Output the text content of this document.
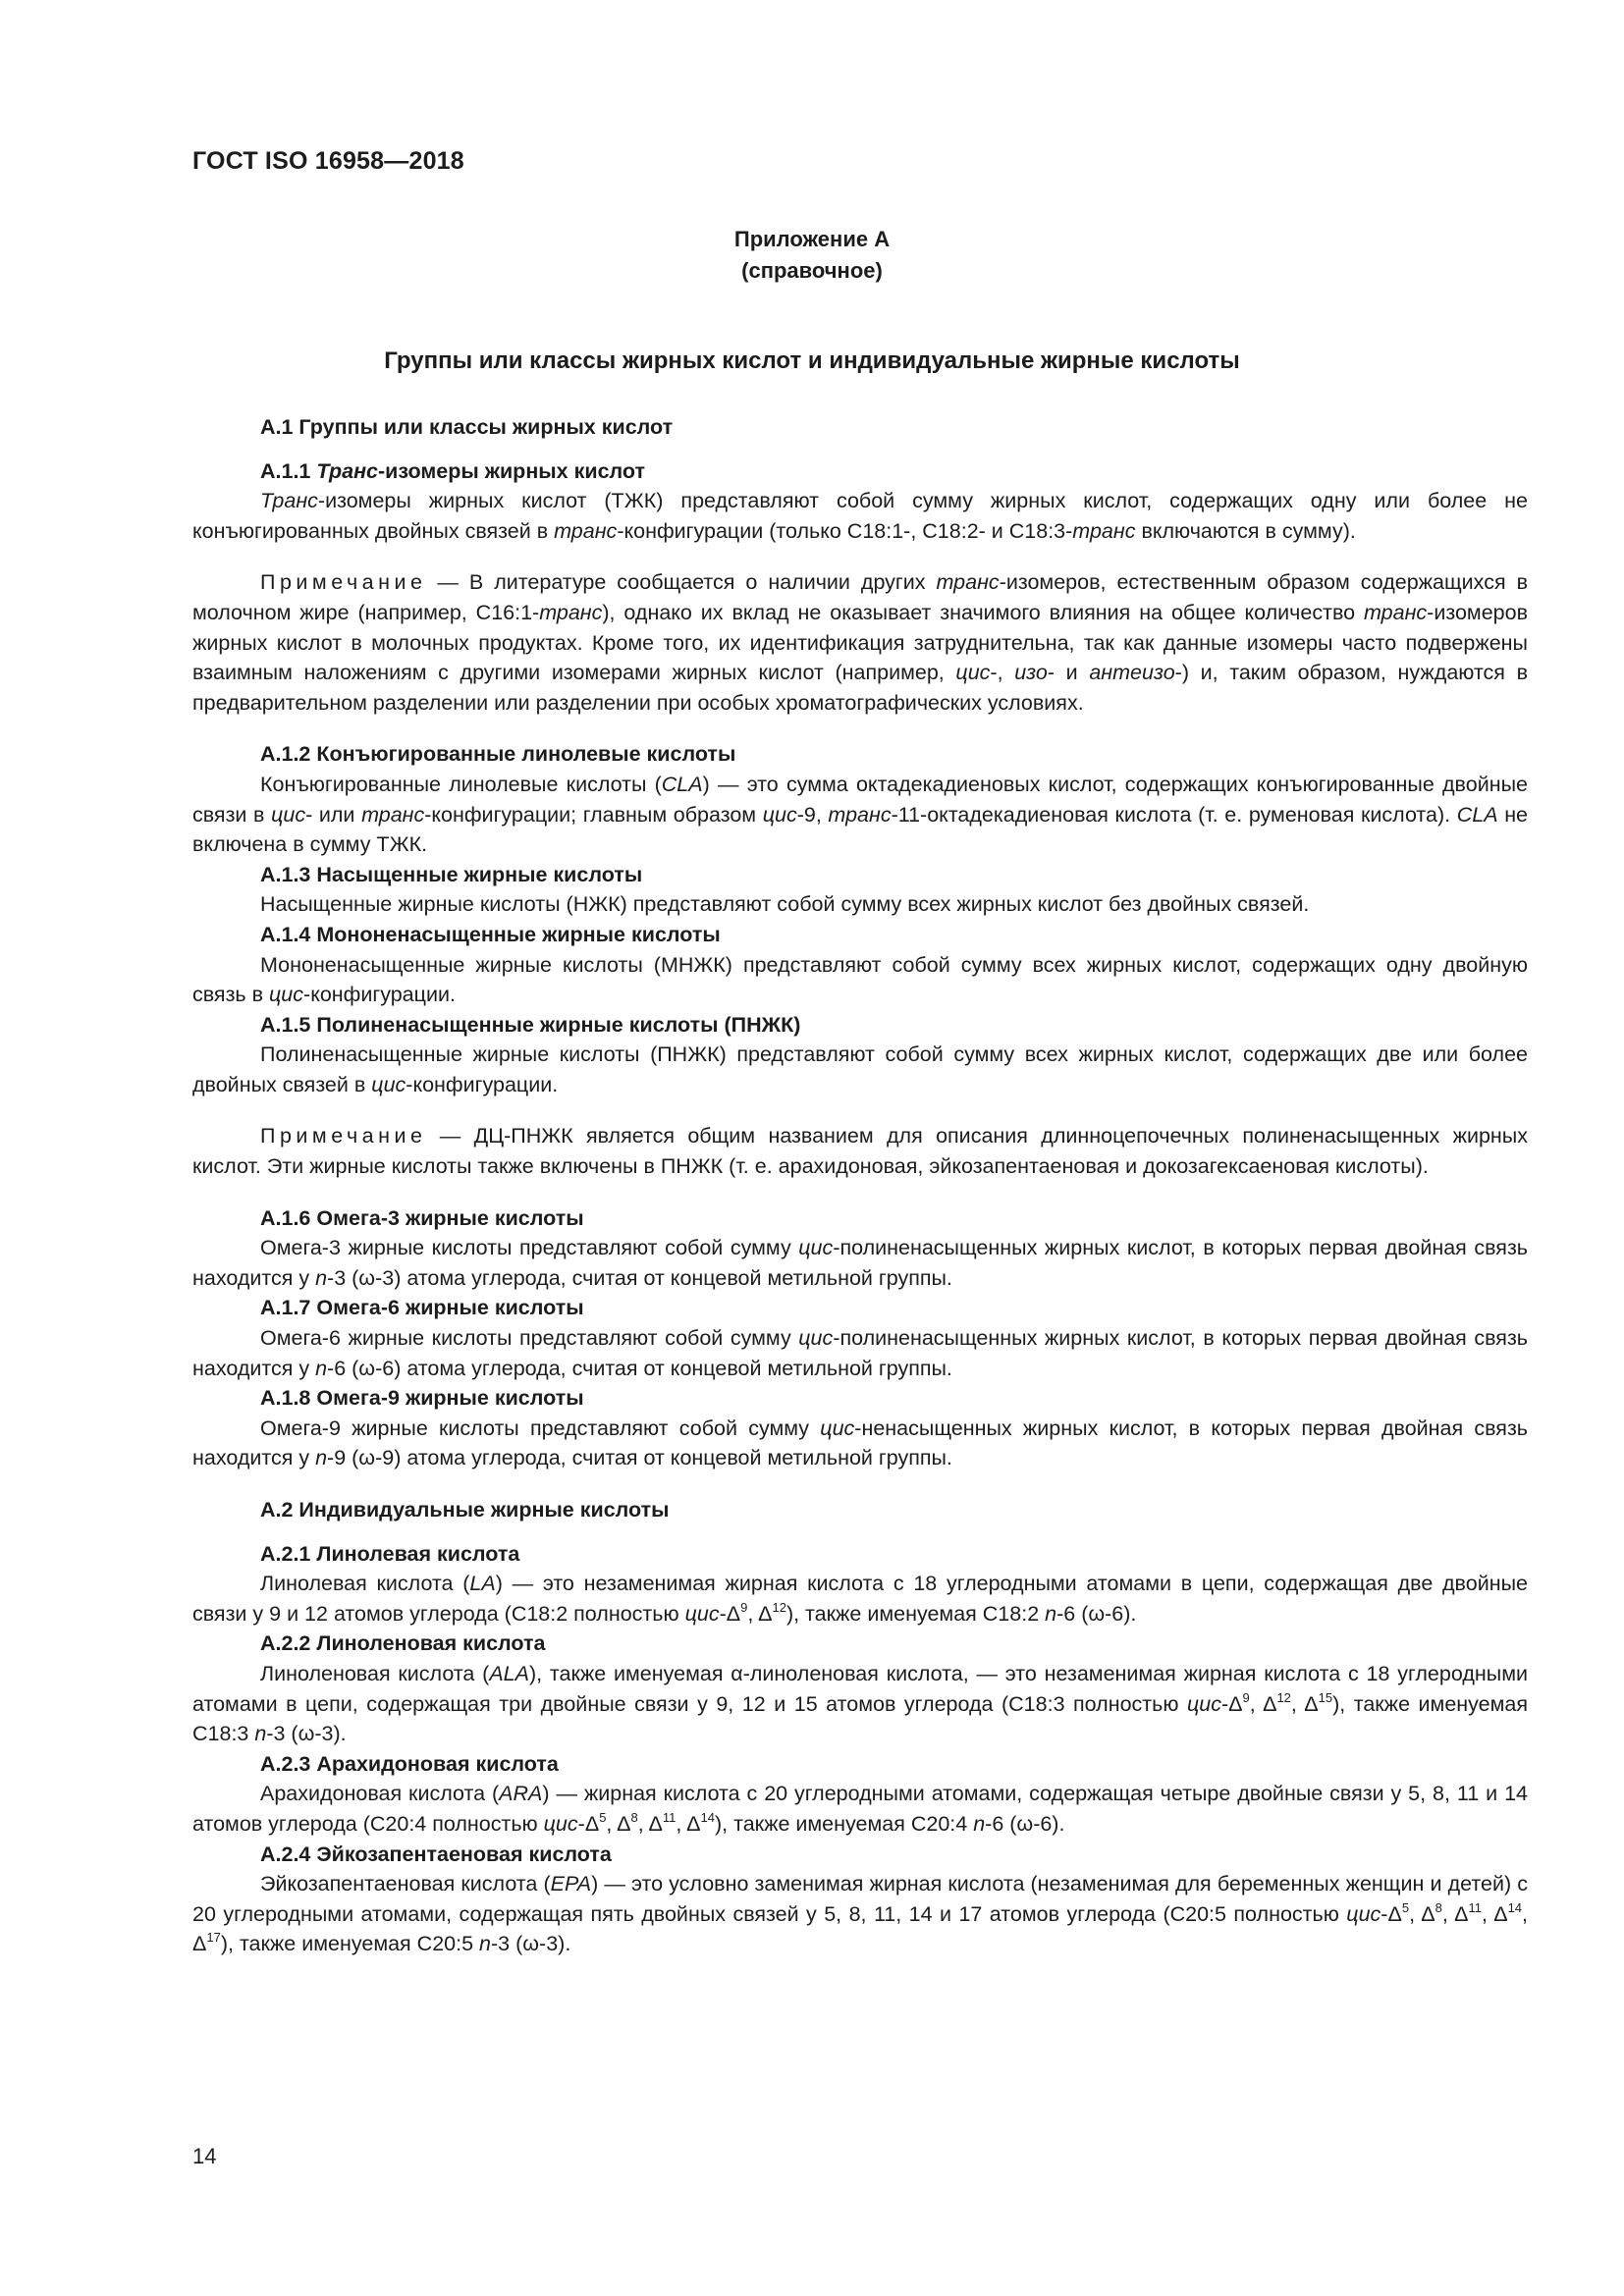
ГОСТ ISO 16958—2018
Приложение А
(справочное)
Группы или классы жирных кислот и индивидуальные жирные кислоты

А.1 Группы или классы жирных кислот

А.1.1 Транс-изомеры жирных кислот

Транс-изомеры жирных кислот (ТЖК) представляют собой сумму жирных кислот, содержащих одну или более не конъюгированных двойных связей в транс-конфигурации (только С18:1-, С18:2- и С18:3-транс включаются в сумму).

Примечание — В литературе сообщается о наличии других транс-изомеров, естественным образом содержащихся в молочном жире (например, С16:1-транс), однако их вклад не оказывает значимого влияния на общее количество транс-изомеров жирных кислот в молочных продуктах. Кроме того, их идентификация затруднительна, так как данные изомеры часто подвержены взаимным наложениям с другими изомерами жирных кислот (например, цис-, изо- и антеизо-) и, таким образом, нуждаются в предварительном разделении или разделении при особых хроматографических условиях.

А.1.2 Конъюгированные линолевые кислоты

Конъюгированные линолевые кислоты (CLA) — это сумма октадекадиеновых кислот, содержащих конъюгированные двойные связи в цис- или транс-конфигурации; главным образом цис-9, транс-11-октадекадиеновая кислота (т. е. руменовая кислота). CLA не включена в сумму ТЖК.

А.1.3 Насыщенные жирные кислоты

Насыщенные жирные кислоты (НЖК) представляют собой сумму всех жирных кислот без двойных связей.

А.1.4 Мононенасыщенные жирные кислоты

Мононенасыщенные жирные кислоты (МНЖК) представляют собой сумму всех жирных кислот, содержащих одну двойную связь в цис-конфигурации.

А.1.5 Полиненасыщенные жирные кислоты (ПНЖК)

Полиненасыщенные жирные кислоты (ПНЖК) представляют собой сумму всех жирных кислот, содержащих две или более двойных связей в цис-конфигурации.

Примечание — ДЦ-ПНЖК является общим названием для описания длинноцепочечных полиненасыщенных жирных кислот. Эти жирные кислоты также включены в ПНЖК (т. е. арахидоновая, эйкозапентаеновая и докозагексаеновая кислоты).

А.1.6 Омега-3 жирные кислоты

Омега-3 жирные кислоты представляют собой сумму цис-полиненасыщенных жирных кислот, в которых первая двойная связь находится у n-3 (ω-3) атома углерода, считая от концевой метильной группы.

А.1.7 Омега-6 жирные кислоты

Омега-6 жирные кислоты представляют собой сумму цис-полиненасыщенных жирных кислот, в которых первая двойная связь находится у n-6 (ω-6) атома углерода, считая от концевой метильной группы.

А.1.8 Омега-9 жирные кислоты

Омега-9 жирные кислоты представляют собой сумму цис-ненасыщенных жирных кислот, в которых первая двойная связь находится у n-9 (ω-9) атома углерода, считая от концевой метильной группы.

А.2 Индивидуальные жирные кислоты

А.2.1 Линолевая кислота

Линолевая кислота (LA) — это незаменимая жирная кислота с 18 углеродными атомами в цепи, содержащая две двойные связи у 9 и 12 атомов углерода (С18:2 полностью цис-$\Delta^9$, $\Delta^{12}$), также именуемая С18:2 n-6 (ω-6).

А.2.2 Линоленовая кислота

Линоленовая кислота (ALA), также именуемая α-линоленовая кислота, — это незаменимая жирная кислота с 18 углеродными атомами в цепи, содержащая три двойные связи у 9, 12 и 15 атомов углерода (С18:3 полностью цис-$\Delta^9$, $\Delta^{12}$, $\Delta^{15}$), также именуемая С18:3 n-3 (ω-3).

А.2.3 Арахидоновая кислота

Арахидоновая кислота (ARA) — жирная кислота с 20 углеродными атомами, содержащая четыре двойные связи у 5, 8, 11 и 14 атомов углерода (С20:4 полностью цис-$\Delta^5$, $\Delta^8$, $\Delta^{11}$, $\Delta^{14}$), также именуемая С20:4 n-6 (ω-6).

А.2.4 Эйкозапентаеновая кислота

Эйкозапентаеновая кислота (EPA) — это условно заменимая жирная кислота (незаменимая для беременных женщин и детей) с 20 углеродными атомами, содержащая пять двойных связей у 5, 8, 11, 14 и 17 атомов углерода (С20:5 полностью цис-$\Delta^5$, $\Delta^8$, $\Delta^{11}$, $\Delta^{14}$, $\Delta^{17}$), также именуемая С20:5 n-3 (ω-3).

14
